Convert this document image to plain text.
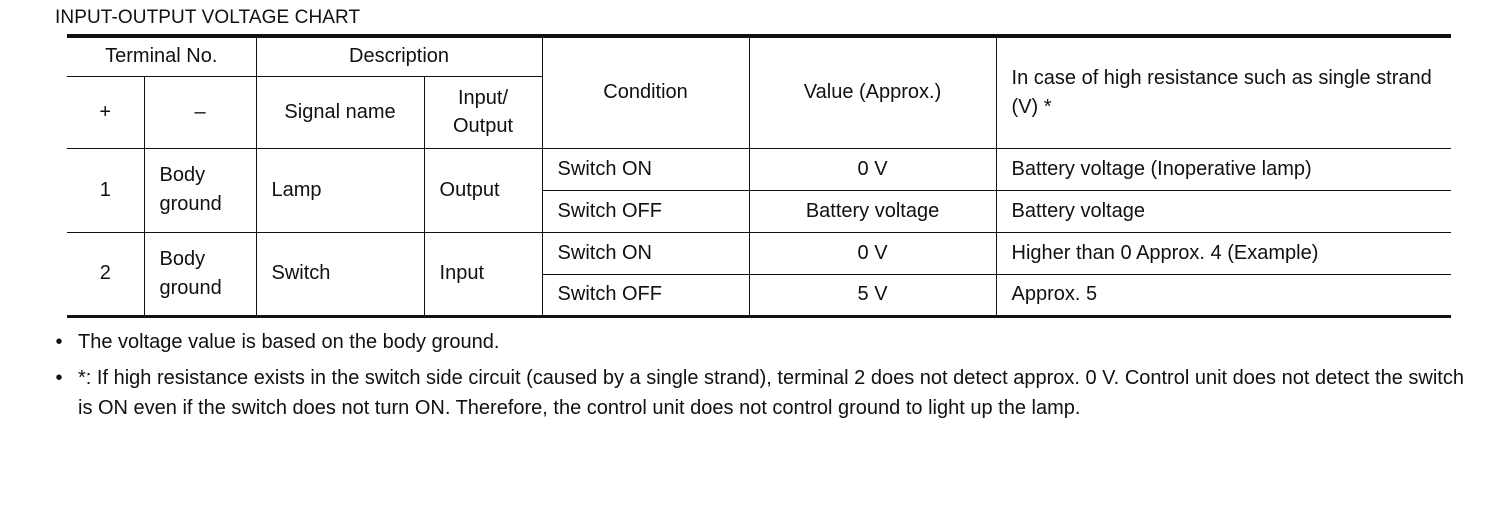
INPUT-OUTPUT VOLTAGE CHART
Terminal No.		Description		Condition	Value (Approx.)	In case of high resistance such as single strand (V) *
+	–	Signal name	Input/ Output			
1	Body ground	Lamp	Output	Switch ON	0 V	Battery voltage (Inoperative lamp)
				Switch OFF	Battery voltage	Battery voltage
2	Body ground	Switch	Input	Switch ON	0 V	Higher than 0 Approx. 4 (Example)
				Switch OFF	5 V	Approx. 5
• The voltage value is based on the body ground.
• *: If high resistance exists in the switch side circuit (caused by a single strand), terminal 2 does not detect approx. 0 V. Control unit does not detect the switch is ON even if the switch does not turn ON. Therefore, the control unit does not control ground to light up the lamp.
